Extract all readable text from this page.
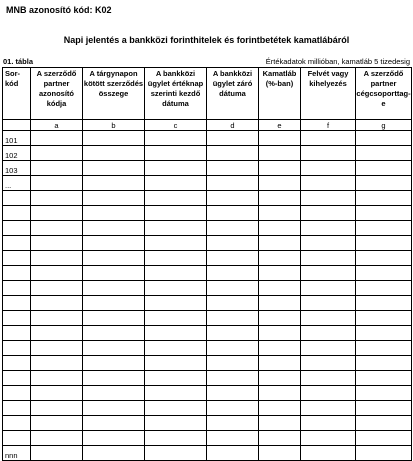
MNB azonosító kód: K02
Napi jelentés a bankközi forinthitelek és forintbetétek kamatlábáról
01. tábla	Értékadatok millióban, kamatláb 5 tizedesig
Sor-
kód	A szerződő partner azonosító kódja	A tárgynapon kötött szerződés összege	A bankközi ügylet értéknap szerinti kezdő dátuma	A bankközi ügylet záró dátuma	Kamatláb (%-ban)	Felvét vagy kihelyezés	A szerződő partner cégcsoporttag-e
	a	b	c	d	e	f	g
101							
102							
103							
...							

nnn							
